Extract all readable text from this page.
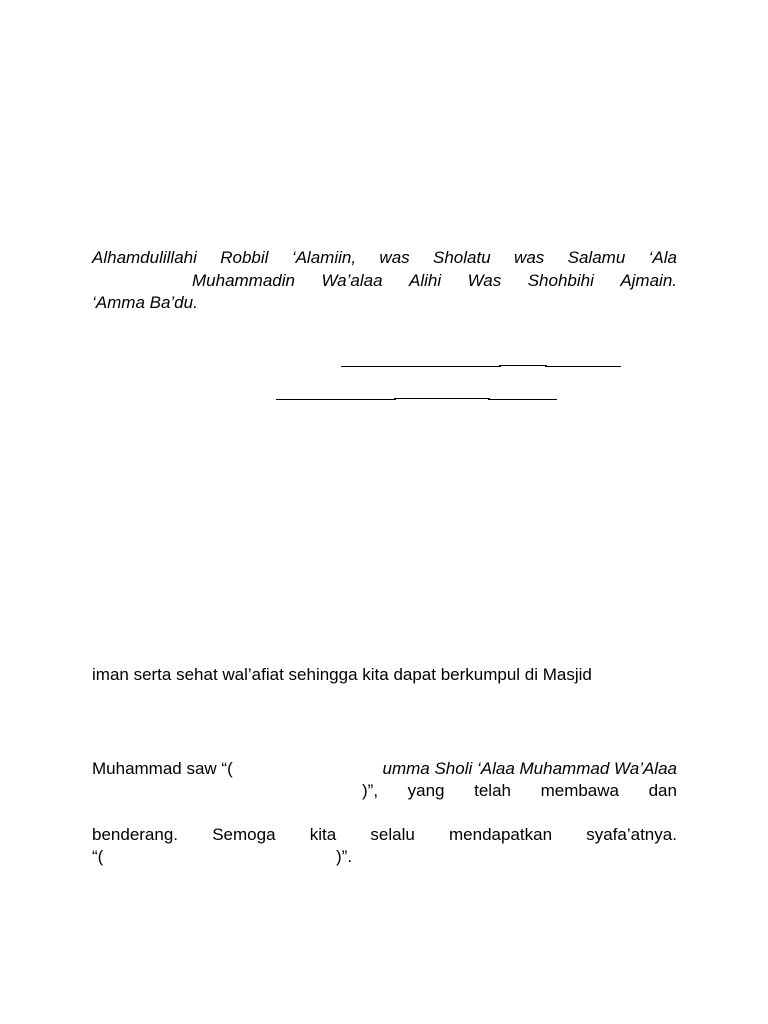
Alhamdulillahi Robbil ‘Alamiin, was Sholatu was Salamu ‘Ala
Muhammadin Wa’alaa Alihi Was Shohbihi Ajmain.
‘Amma Ba’du.
iman serta sehat wal’afiat sehingga kita dapat berkumpul di Masjid
Muhammad saw “(	umma Sholi ‘Alaa Muhammad Wa’Alaa
)”, yang telah membawa dan
benderang. Semoga kita selalu mendapatkan syafa’atnya.
“(	)”.
